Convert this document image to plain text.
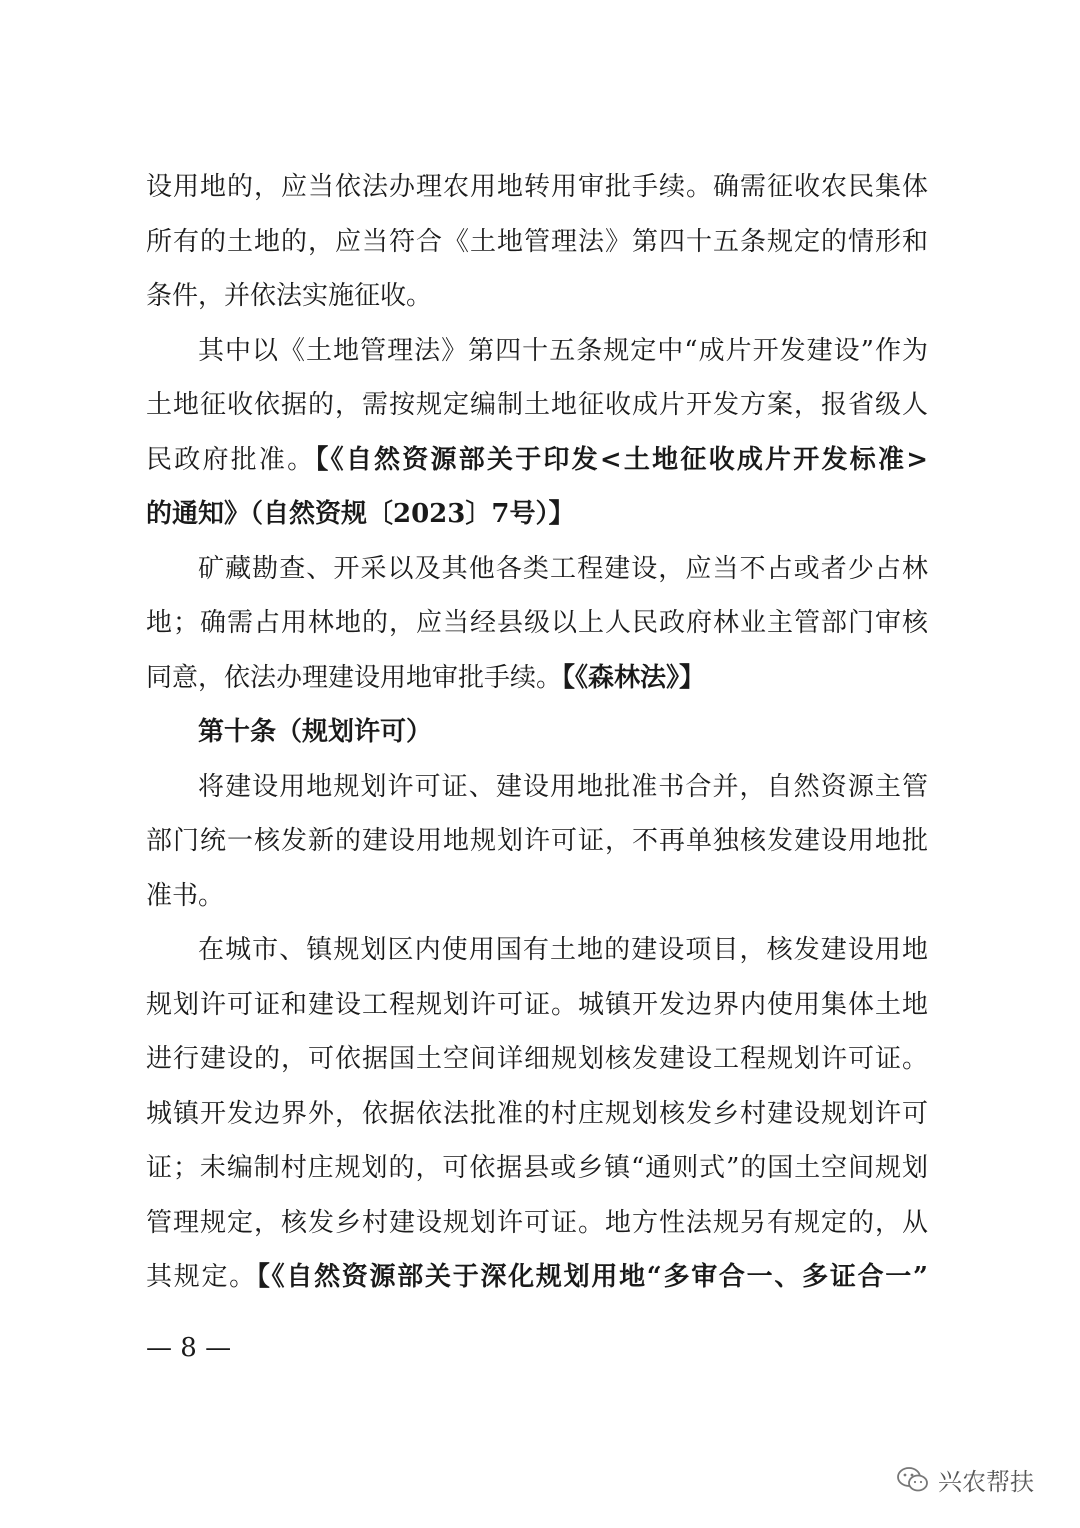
设用地的，应当依法办理农用地转用审批手续。确需征收农民集体
所有的土地的，应当符合《土地管理法》第四十五条规定的情形和
条件，并依法实施征收。
其中以《土地管理法》第四十五条规定中“成片开发建设”作为
土地征收依据的，需按规定编制土地征收成片开发方案，报省级人
民政府批准。【《自然资源部关于印发<土地征收成片开发标准>
的通知》（自然资规〔2023〕7号）】
矿藏勘查、开采以及其他各类工程建设，应当不占或者少占林
地；确需占用林地的，应当经县级以上人民政府林业主管部门审核
同意，依法办理建设用地审批手续。【《森林法》】
第十条（规划许可）
将建设用地规划许可证、建设用地批准书合并，自然资源主管
部门统一核发新的建设用地规划许可证，不再单独核发建设用地批
准书。
在城市、镇规划区内使用国有土地的建设项目，核发建设用地
规划许可证和建设工程规划许可证。城镇开发边界内使用集体土地
进行建设的，可依据国土空间详细规划核发建设工程规划许可证。
城镇开发边界外，依据依法批准的村庄规划核发乡村建设规划许可
证；未编制村庄规划的，可依据县或乡镇“通则式”的国土空间规划
管理规定，核发乡村建设规划许可证。地方性法规另有规定的，从
其规定。【《自然资源部关于深化规划用地“多审合一、多证合一”
— 8 —
兴农帮扶
